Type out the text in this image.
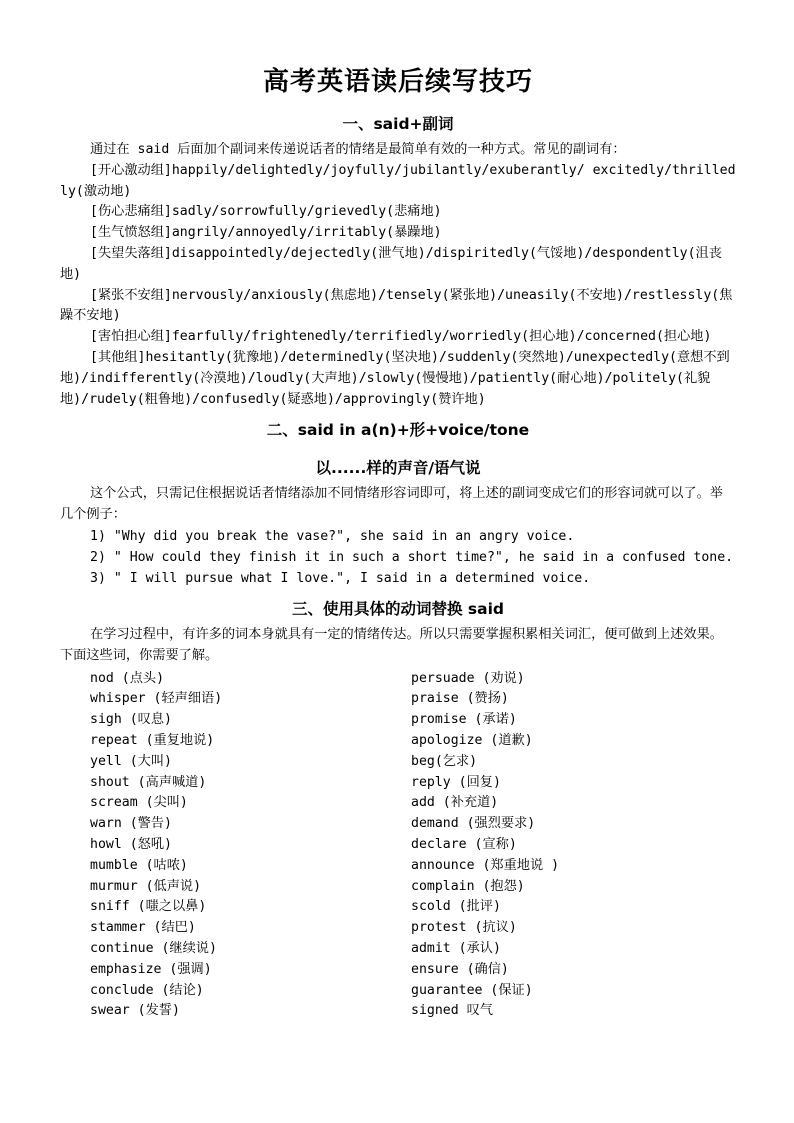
高考英语读后续写技巧
一、said+副词

通过在 said 后面加个副词来传递说话者的情绪是最简单有效的一种方式。常见的副词有：

[开心激动组]happily/delightedly/joyfully/jubilantly/exuberantly/ excitedly/thrilledly(激动地)

[伤心悲痛组]sadly/sorrowfully/grievedly(悲痛地)

[生气愤怒组]angrily/annoyedly/irritably(暴躁地)

[失望失落组]disappointedly/dejectedly(泄气地)/dispiritedly(气馁地)/despondently(沮丧地)

[紧张不安组]nervously/anxiously(焦虑地)/tensely(紧张地)/uneasily(不安地)/restlessly(焦躁不安地)

[害怕担心组]fearfully/frightenedly/terrifiedly/worriedly(担心地)/concerned(担心地)

[其他组]hesitantly(犹豫地)/determinedly(坚决地)/suddenly(突然地)/unexpectedly(意想不到地)/indifferently(冷漠地)/loudly(大声地)/slowly(慢慢地)/patiently(耐心地)/politely(礼貌地)/rudely(粗鲁地)/confusedly(疑惑地)/approvingly(赞许地)

二、said in a(n)+形+voice/tone
以......样的声音/语气说

这个公式，只需记住根据说话者情绪添加不同情绪形容词即可，将上述的副词变成它们的形容词就可以了。举几个例子：

1) "Why did you break the vase?", she said in an angry voice.
2) " How could they finish it in such a short time?", he said in a confused tone.
3) " I will pursue what I love.", I said in a determined voice.
三、使用具体的动词替换 said

在学习过程中，有许多的词本身就具有一定的情绪传达。所以只需要掌握积累相关词汇，便可做到上述效果。下面这些词，你需要了解。

nod (点头)
whisper (轻声细语)
sigh (叹息)
repeat (重复地说)
yell (大叫)
shout (高声喊道)
scream (尖叫)
warn (警告)
howl (怒吼)
mumble (咕哝)
murmur (低声说)
sniff (嗤之以鼻)
stammer (结巴)
continue (继续说)
emphasize (强调)
conclude (结论)
swear (发誓)
persuade (劝说)
praise (赞扬)
promise (承诺)
apologize (道歉)
beg(乞求)
reply (回复)
add (补充道)
demand (强烈要求)
declare (宣称)
announce (郑重地说 )
complain (抱怨)
scold (批评)
protest (抗议)
admit (承认)
ensure (确信)
guarantee (保证)
signed 叹气
